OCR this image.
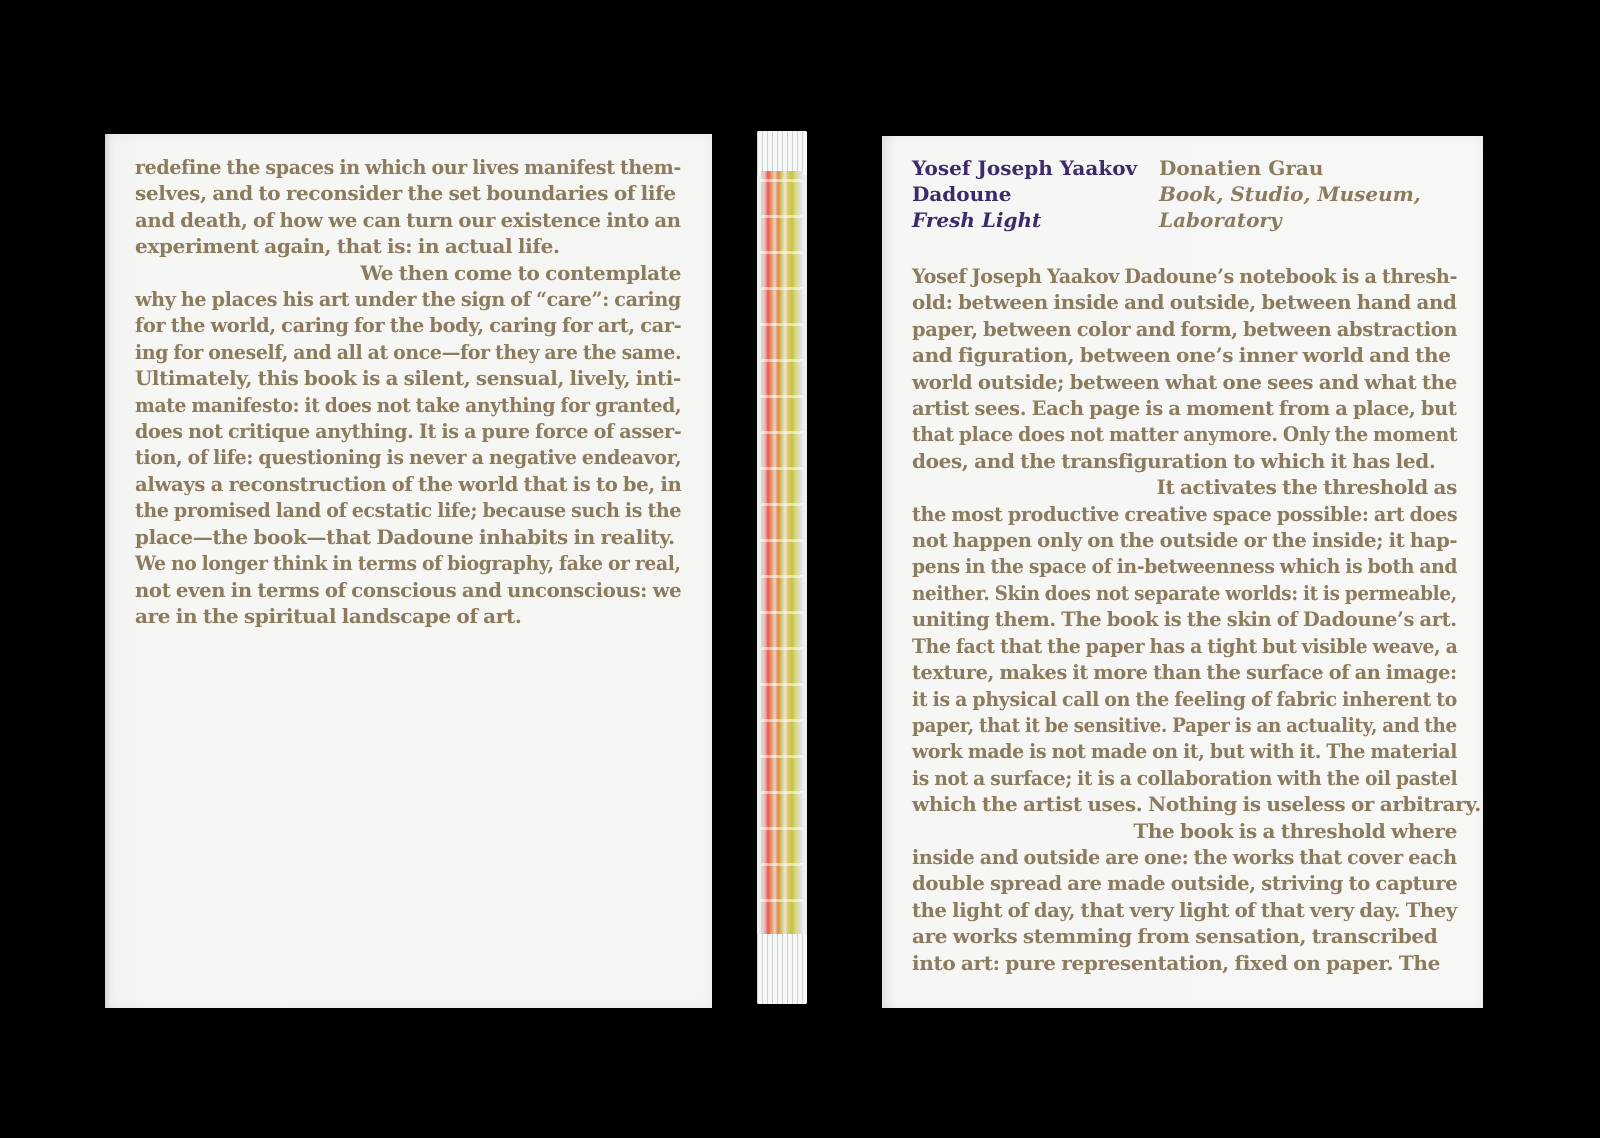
redefine the spaces in which our lives manifest them-
selves, and to reconsider the set boundaries of life
and death, of how we can turn our existence into an
experiment again, that is: in actual life.
We then come to contemplate
why he places his art under the sign of “care”: caring
for the world, caring for the body, caring for art, car-
ing for oneself, and all at once—for they are the same.
Ultimately, this book is a silent, sensual, lively, inti-
mate manifesto: it does not take anything for granted,
does not critique anything. It is a pure force of asser-
tion, of life: questioning is never a negative endeavor,
always a reconstruction of the world that is to be, in
the promised land of ecstatic life; because such is the
place—the book—that Dadoune inhabits in reality.
We no longer think in terms of biography, fake or real,
not even in terms of conscious and unconscious: we
are in the spiritual landscape of art.
Yosef Joseph Yaakov
Dadoune
Fresh Light
Donatien Grau
Book, Studio, Museum,
Laboratory
Yosef Joseph Yaakov Dadoune’s notebook is a thresh-
old: between inside and outside, between hand and
paper, between color and form, between abstraction
and figuration, between one’s inner world and the
world outside; between what one sees and what the
artist sees. Each page is a moment from a place, but
that place does not matter anymore. Only the moment
does, and the transfiguration to which it has led.
It activates the threshold as
the most productive creative space possible: art does
not happen only on the outside or the inside; it hap-
pens in the space of in-betweenness which is both and
neither. Skin does not separate worlds: it is permeable,
uniting them. The book is the skin of Dadoune’s art.
The fact that the paper has a tight but visible weave, a
texture, makes it more than the surface of an image:
it is a physical call on the feeling of fabric inherent to
paper, that it be sensitive. Paper is an actuality, and the
work made is not made on it, but with it. The material
is not a surface; it is a collaboration with the oil pastel
which the artist uses. Nothing is useless or arbitrary.
The book is a threshold where
inside and outside are one: the works that cover each
double spread are made outside, striving to capture
the light of day, that very light of that very day. They
are works stemming from sensation, transcribed
into art: pure representation, fixed on paper. The
